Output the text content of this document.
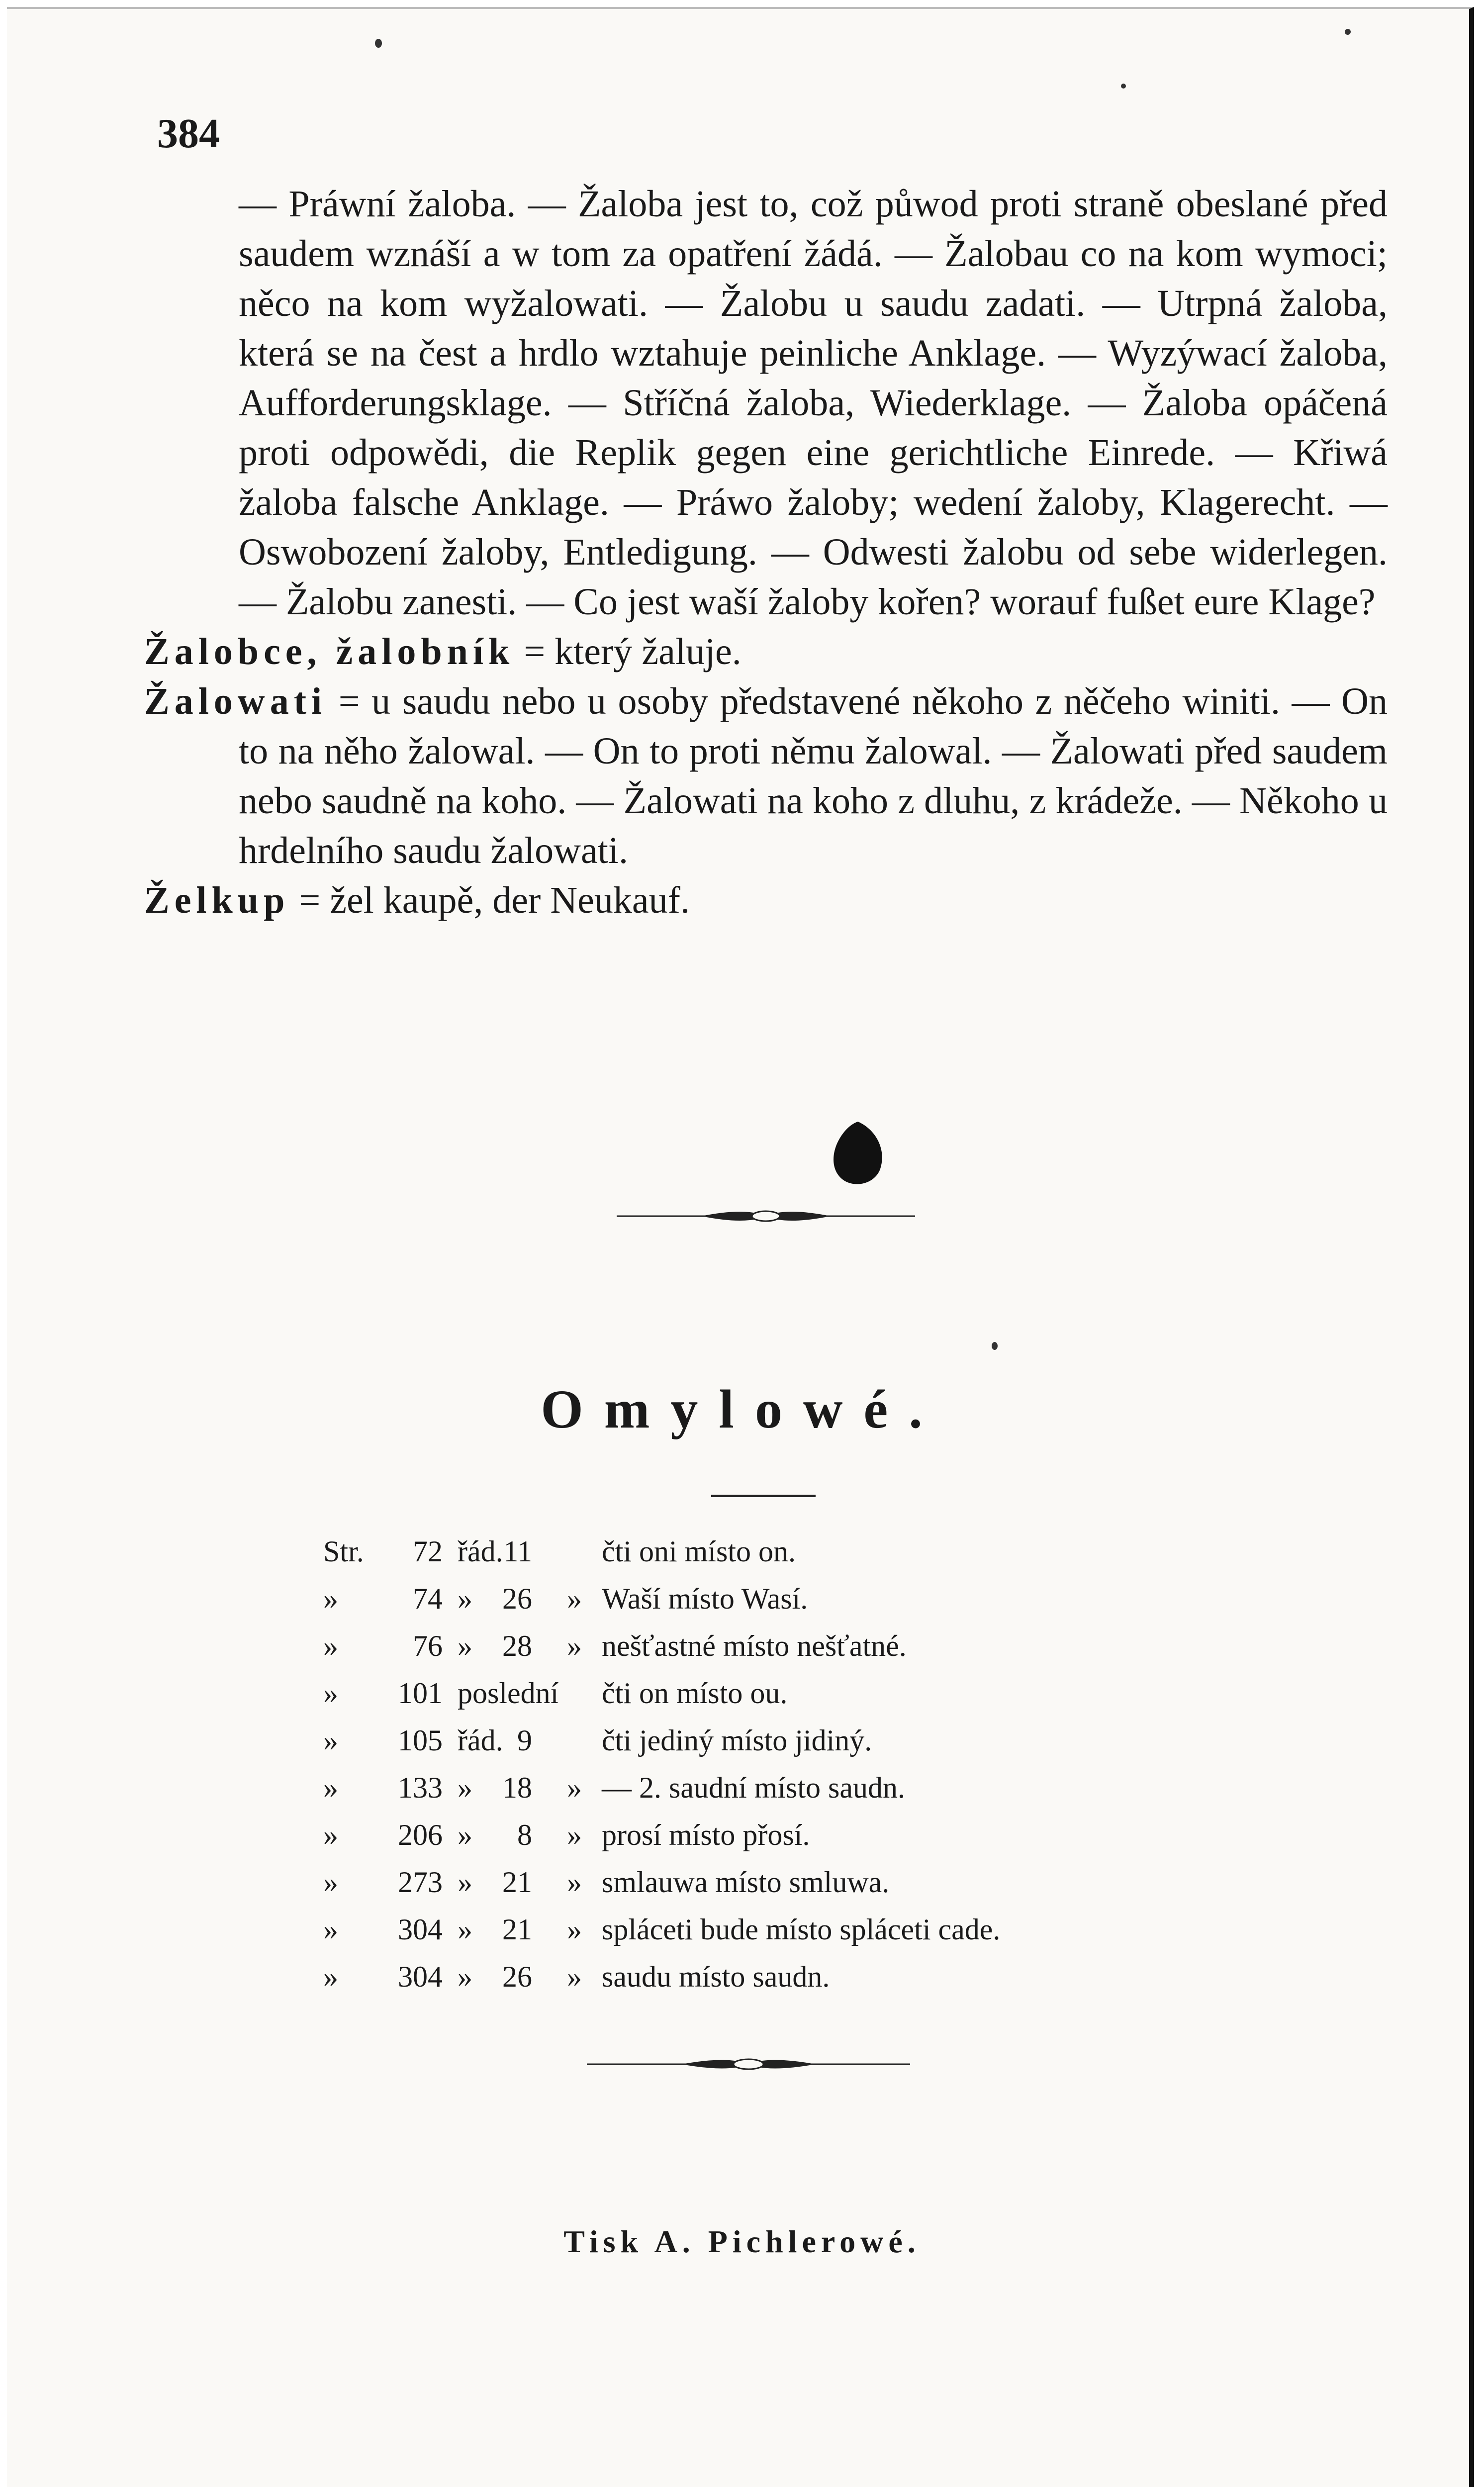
384

— Práwní žaloba. — Žaloba jest to, což půwod proti straně obeslané před saudem wznáší a w tom za opatření žádá. — Žalobau co na kom wymoci; něco na kom wyžalowati. — Žalobu u saudu zadati. — Utrpná žaloba, která se na čest a hrdlo wztahuje peinliche Anklage. — Wyzýwací žaloba, Aufforderungsklage. — Stříčná žaloba, Wiederklage. — Žaloba opáčená proti odpowědi, die Replik gegen eine gerichtliche Einrede. — Křiwá žaloba falsche Anklage. — Práwo žaloby; wedení žaloby, Klagerecht. — Oswobození žaloby, Entledigung. — Odwesti žalobu od sebe widerlegen. — Žalobu zanesti. — Co jest waší žaloby kořen? worauf fußet eure Klage?

Žalobce, žalobník = který žaluje.

Žalowati = u saudu nebo u osoby představené někoho z něčeho winiti. — On to na něho žalowal. — On to proti němu žalowal. — Žalowati před saudem nebo saudně na koho. — Žalowati na koho z dluhu, z krádeže. — Někoho u hrdelního saudu žalowati.

Želkup = žel kaupě, der Neukauf.

Omylowé.
Str.	72 řád. 11 čti oni místo on.
»	74 »	26 » Waší místo Wasí.
»	76 »	28 » nešťastné místo nešťatné.
»	101 poslední čti on místo ou.
»	105 řád. 9 čti jediný místo jidiný.
»	133 »	18 » — 2. saudní místo saudn.
»	206 »	8 » prosí místo přosí.
»	273 »	21 » smlauwa místo smluwa.
»	304 »	21 » spláceti bude místo spláceti cade.
»	304 »	26 » saudu místo saudn.
Tisk A. Pichlerowé.
